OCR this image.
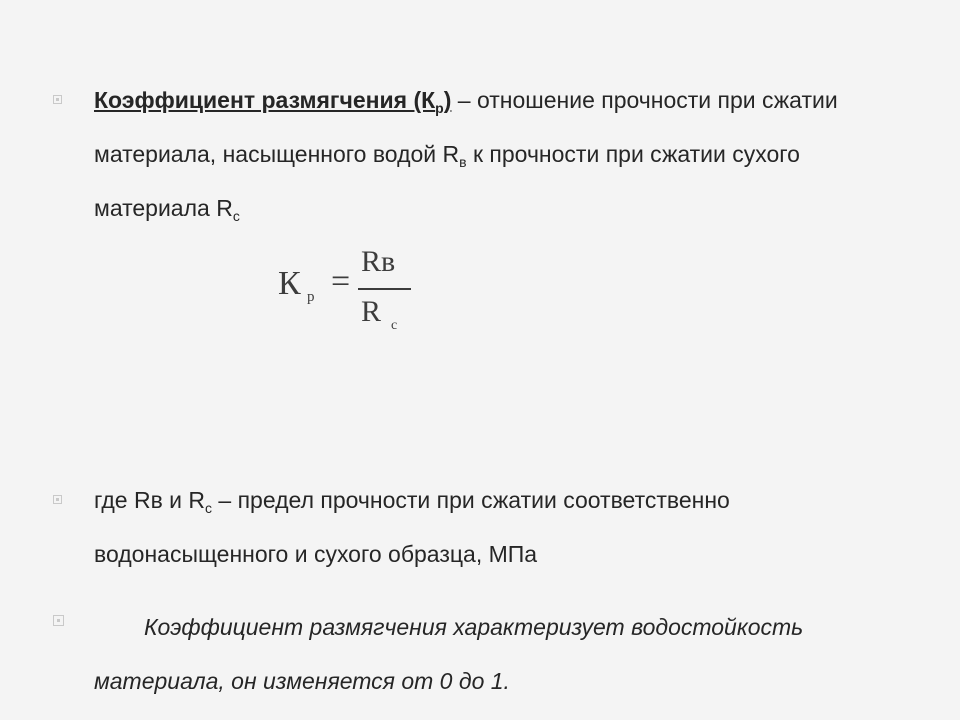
Коэффициент размягчения $(К_р)$ – отношение прочности при сжатии материала, насыщенного водой $R_в$ к прочности при сжатии сухого материала $R_с$
К р =
Rв
R с
где Rв и $R_с$ – предел прочности при сжатии соответственно водонасыщенного и сухого образца, МПа
Коэффициент размягчения характеризует водостойкость материала, он изменяется от 0 до 1.
